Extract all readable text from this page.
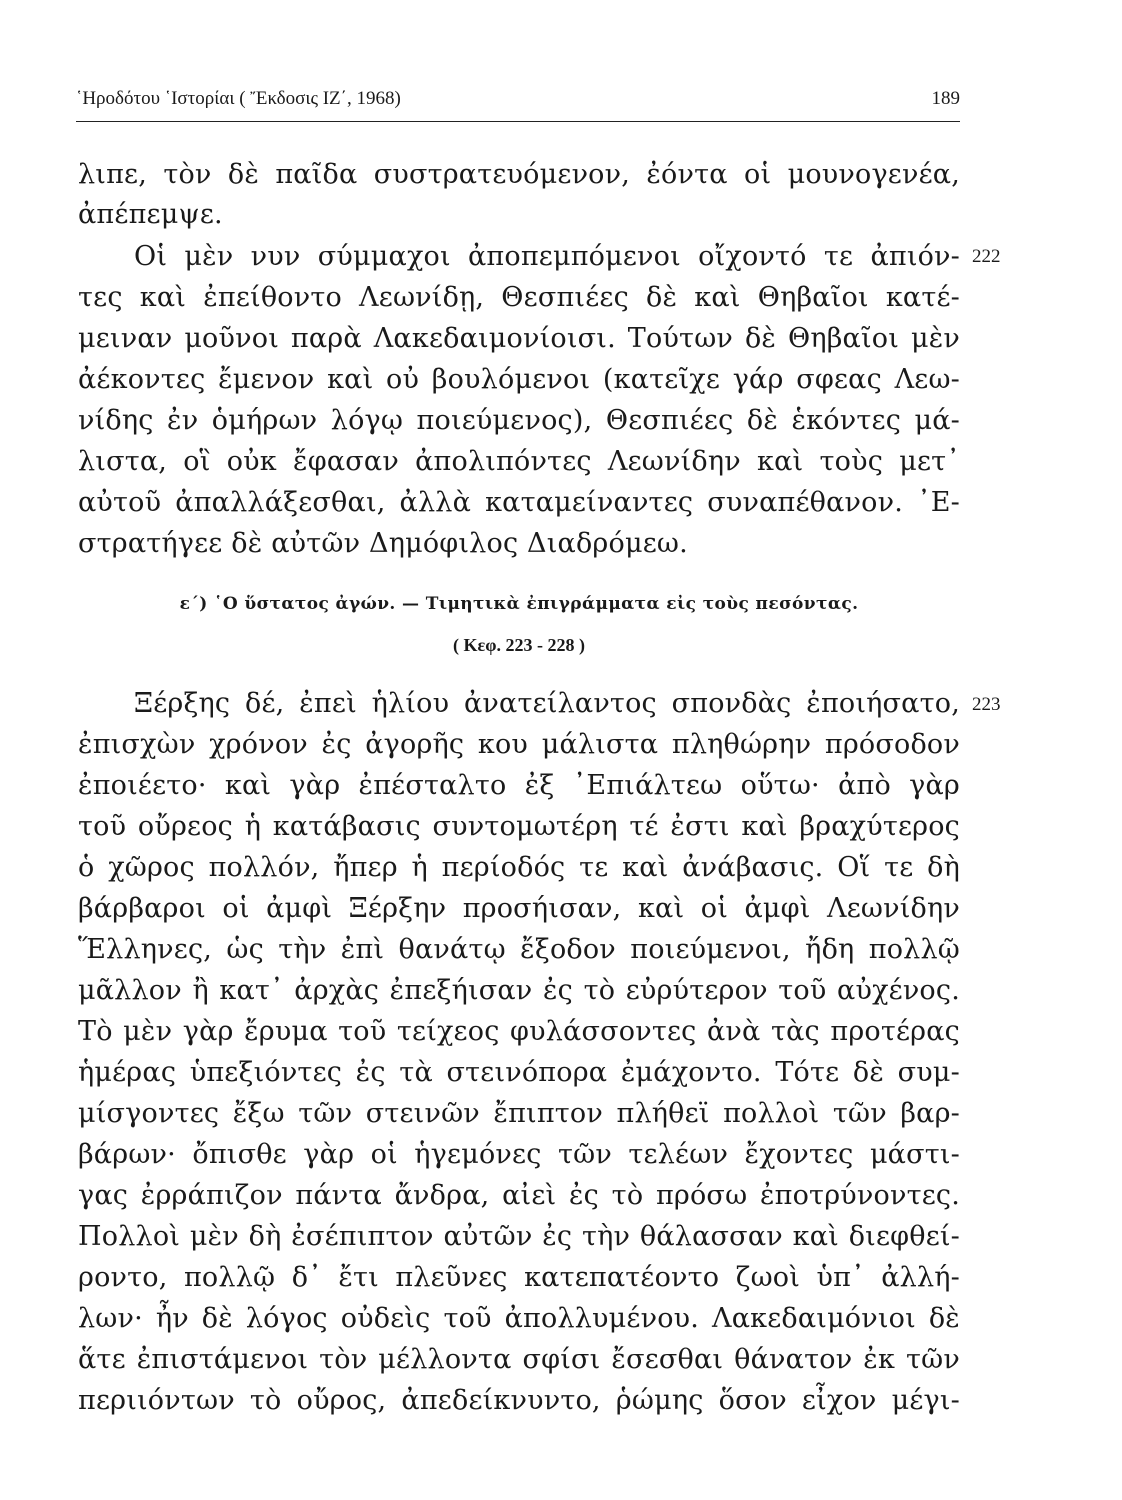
῾Ηροδότου ῾Ιστορίαι ( Ἔκδοσις ΙΖ΄, 1968)	189
λιπε, τὸν δὲ παῖδα συστρατευόμενον, ἐόντα οἱ μουνογενέα,
ἀπέπεμψε.
222
Οἱ μὲν νυν σύμμαχοι ἀποπεμπόμενοι οἴχοντό τε ἀπιόν-
τες καὶ ἐπείθοντο Λεωνίδῃ, Θεσπιέες δὲ καὶ Θηβαῖοι κατέ-
μειναν μοῦνοι παρὰ Λακεδαιμονίοισι. Τούτων δὲ Θηβαῖοι μὲν
ἀέκοντες ἔμενον καὶ οὐ βουλόμενοι (κατεῖχε γάρ σφεας Λεω-
νίδης ἐν ὁμήρων λόγῳ ποιεύμενος), Θεσπιέες δὲ ἑκόντες μά-
λιστα, οἳ οὐκ ἔφασαν ἀπολιπόντες Λεωνίδην καὶ τοὺς μετ᾽
αὐτοῦ ἀπαλλάξεσθαι, ἀλλὰ καταμείναντες συναπέθανον. ᾽Ε-
στρατήγεε δὲ αὐτῶν Δημόφιλος Διαδρόμεω.
ε΄) ῾Ο ὕστατος ἀγών. — Τιμητικὰ ἐπιγράμματα εἰς τοὺς πεσόντας.
( Κεφ. 223 - 228 )
223
Ξέρξης δέ, ἐπεὶ ἡλίου ἀνατείλαντος σπονδὰς ἐποιήσατο,
ἐπισχὼν χρόνον ἐς ἀγορῆς κου μάλιστα πληθώρην πρόσοδον
ἐποιέετο· καὶ γὰρ ἐπέσταλτο ἐξ ᾽Επιάλτεω οὕτω· ἀπὸ γὰρ
τοῦ οὔρεος ἡ κατάβασις συντομωτέρη τέ ἐστι καὶ βραχύτερος
ὁ χῶρος πολλόν, ἤπερ ἡ περίοδός τε καὶ ἀνάβασις. Οἵ τε δὴ
βάρβαροι οἱ ἀμφὶ Ξέρξην προσήισαν, καὶ οἱ ἀμφὶ Λεωνίδην
Ἕλληνες, ὡς τὴν ἐπὶ θανάτῳ ἔξοδον ποιεύμενοι, ἤδη πολλῷ
μᾶλλον ἢ κατ᾽ ἀρχὰς ἐπεξήισαν ἐς τὸ εὐρύτερον τοῦ αὐχένος.
Τὸ μὲν γὰρ ἔρυμα τοῦ τείχεος φυλάσσοντες ἀνὰ τὰς προτέρας
ἡμέρας ὑπεξιόντες ἐς τὰ στεινόπορα ἐμάχοντο. Τότε δὲ συμ-
μίσγοντες ἔξω τῶν στεινῶν ἔπιπτον πλήθεϊ πολλοὶ τῶν βαρ-
βάρων· ὄπισθε γὰρ οἱ ἡγεμόνες τῶν τελέων ἔχοντες μάστι-
γας ἐρράπιζον πάντα ἄνδρα, αἰεὶ ἐς τὸ πρόσω ἐποτρύνοντες.
Πολλοὶ μὲν δὴ ἐσέπιπτον αὐτῶν ἐς τὴν θάλασσαν καὶ διεφθεί-
ροντο, πολλῷ δ᾽ ἔτι πλεῦνες κατεπατέοντο ζωοὶ ὑπ᾽ ἀλλή-
λων· ἦν δὲ λόγος οὐδεὶς τοῦ ἀπολλυμένου. Λακεδαιμόνιοι δὲ
ἅτε ἐπιστάμενοι τὸν μέλλοντα σφίσι ἔσεσθαι θάνατον ἐκ τῶν
περιιόντων τὸ οὔρος, ἀπεδείκνυντο, ῥώμης ὅσον εἶχον μέγι-
